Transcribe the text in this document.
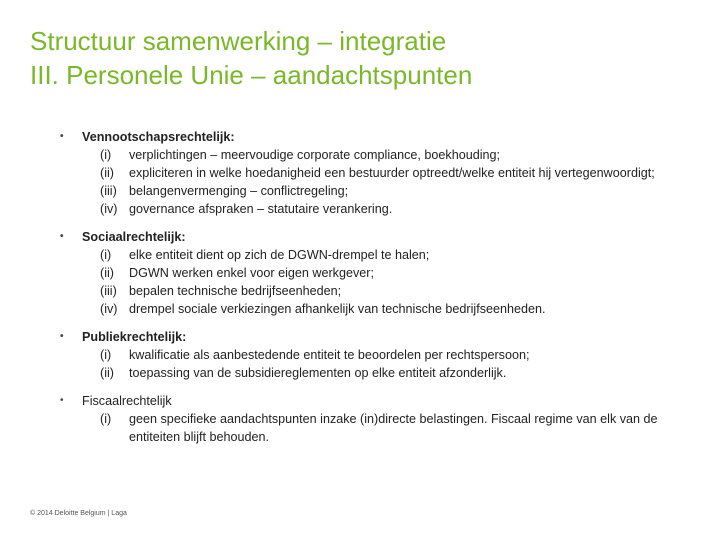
Structuur samenwerking – integratie
III. Personele Unie – aandachtspunten
• Vennootschapsrechtelijk:
(i)	verplichtingen – meervoudige corporate compliance, boekhouding;
(ii)	expliciteren in welke hoedanigheid een bestuurder optreedt/welke entiteit hij vertegenwoordigt;
(iii) belangenvermenging – conflictregeling;
(iv) governance afspraken – statutaire verankering.
• Sociaalrechtelijk:
(i)	elke entiteit dient op zich de DGWN-drempel te halen;
(ii)	DGWN werken enkel voor eigen werkgever;
(iii) bepalen technische bedrijfseenheden;
(iv) drempel sociale verkiezingen afhankelijk van technische bedrijfseenheden.
• Publiekrechtelijk:
(i)	kwalificatie als aanbestedende entiteit te beoordelen per rechtspersoon;
(ii)	toepassing van de subsidiereglementen op elke entiteit afzonderlijk.
• Fiscaalrechtelijk
(i)	geen specifieke aandachtspunten inzake (in)directe belastingen. Fiscaal regime van elk van de entiteiten blijft behouden.
© 2014 Deloitte Belgium | Laga
